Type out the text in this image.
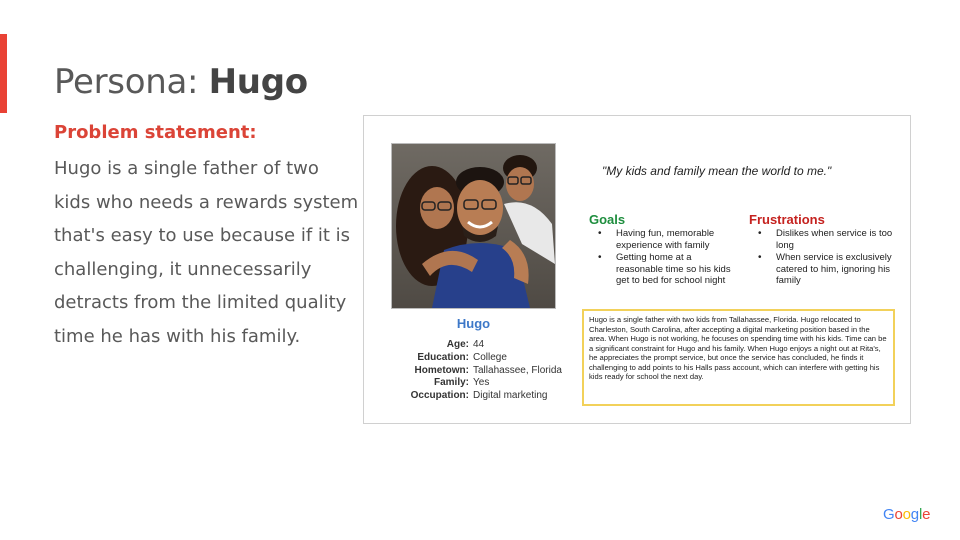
Persona: Hugo
Problem statement:
Hugo is a single father of two kids who needs a rewards system that's easy to use because if it is challenging, it unnecessarily detracts from the limited quality time he has with his family.
Hugo
Age: 44
Education: College
Hometown: Tallahassee, Florida
Family: Yes
Occupation: Digital marketing
"My kids and family mean the world to me."
Goals
• Having fun, memorable experience with family
• Getting home at a reasonable time so his kids get to bed for school night
Frustrations
• Dislikes when service is too long
• When service is exclusively catered to him, ignoring his family
Hugo is a single father with two kids from Tallahassee, Florida. Hugo relocated to Charleston, South Carolina, after accepting a digital marketing position based in the area. When Hugo is not working, he focuses on spending time with his kids. Time can be a significant constraint for Hugo and his family. When Hugo enjoys a night out at Rita's, he appreciates the prompt service, but once the service has concluded, he finds it challenging to add points to his Halls pass account, which can interfere with getting his kids ready for school the next day.
Google
